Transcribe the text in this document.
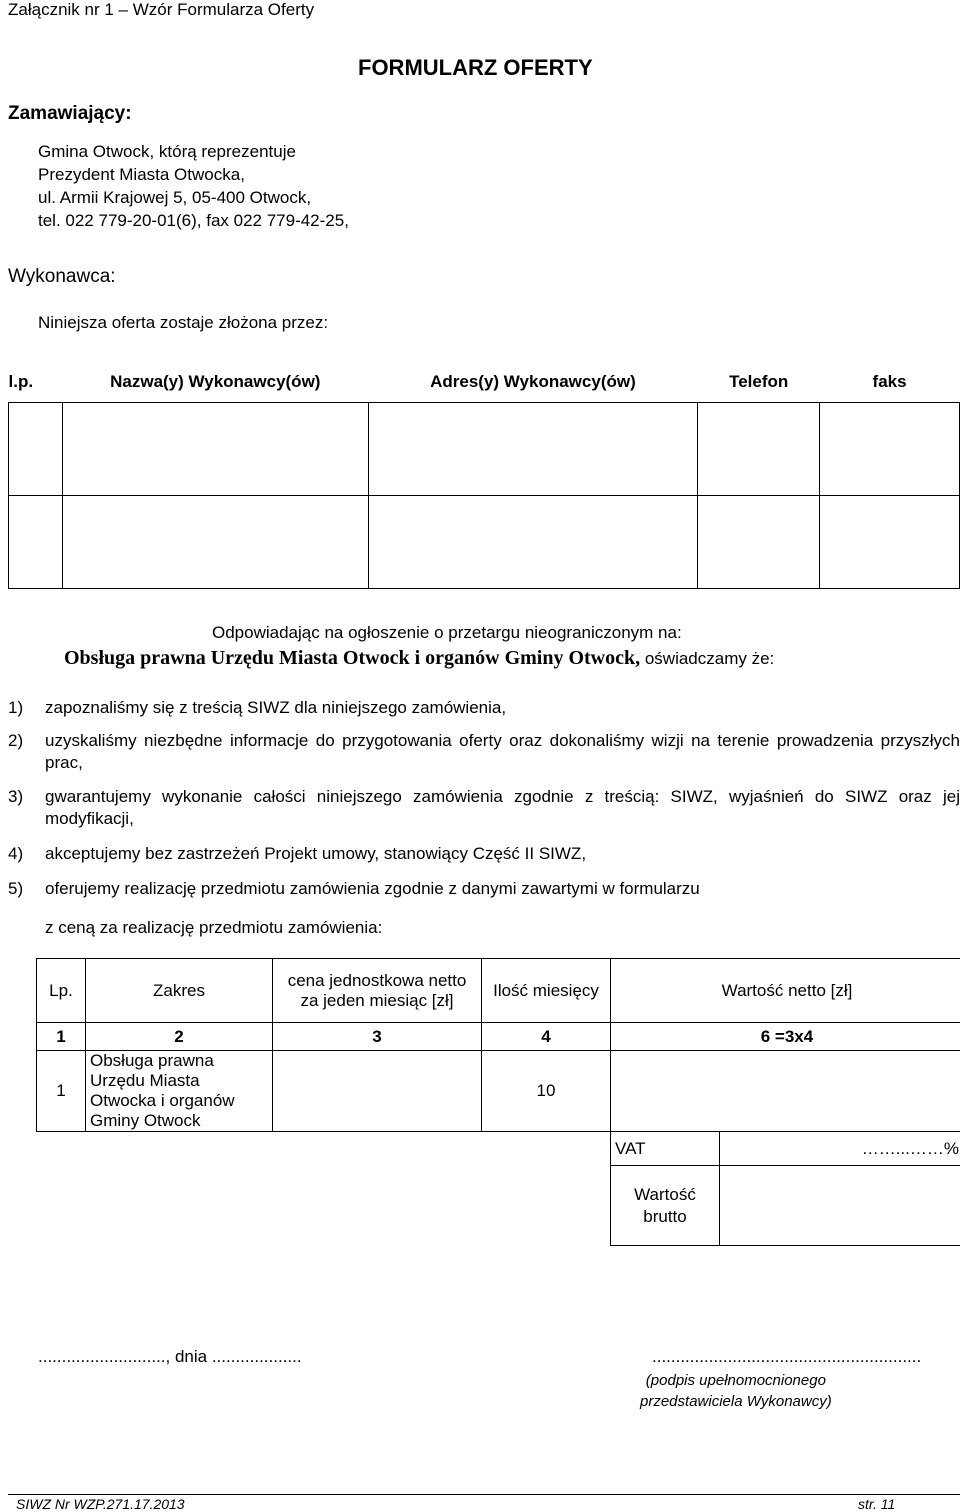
Załącznik nr 1 – Wzór Formularza Oferty
FORMULARZ OFERTY
Zamawiający:
Gmina Otwock, którą reprezentuje
Prezydent Miasta Otwocka,
ul. Armii Krajowej 5, 05-400 Otwock,
tel. 022 779-20-01(6), fax 022 779-42-25,
Wykonawca:
Niniejsza oferta zostaje złożona przez:
l.p.	Nazwa(y) Wykonawcy(ów)	Adres(y) Wykonawcy(ów)	Telefon	faks

Odpowiadając na ogłoszenie o przetargu nieograniczonym na:
Obsługa prawna Urzędu Miasta Otwock i organów Gminy Otwock, oświadczamy że:
1) zapoznaliśmy się z treścią SIWZ dla niniejszego zamówienia,
2) uzyskaliśmy niezbędne informacje do przygotowania oferty oraz dokonaliśmy wizji na terenie prowadzenia przyszłych prac,
3) gwarantujemy wykonanie całości niniejszego zamówienia zgodnie z treścią: SIWZ, wyjaśnień do SIWZ oraz jej modyfikacji,
4) akceptujemy bez zastrzeżeń Projekt umowy, stanowiący Część II SIWZ,
5) oferujemy realizację przedmiotu zamówienia zgodnie z danymi zawartymi w formularzu
z ceną za realizację przedmiotu zamówienia:
Lp.	Zakres	cena jednostkowa netto za jeden miesiąc [zł]	Ilość miesięcy	Wartość netto [zł]	
1	2	3	4	6 =3x4	
1	Obsługa prawna Urzędu Miasta Otwocka i organów Gminy Otwock		10		
				VAT	……...……%
				Wartość brutto	
..........................., dnia ...................	.........................................................
(podpis upełnomocnionego
przedstawiciela Wykonawcy)
SIWZ Nr WZP.271.17.2013	str. 11
